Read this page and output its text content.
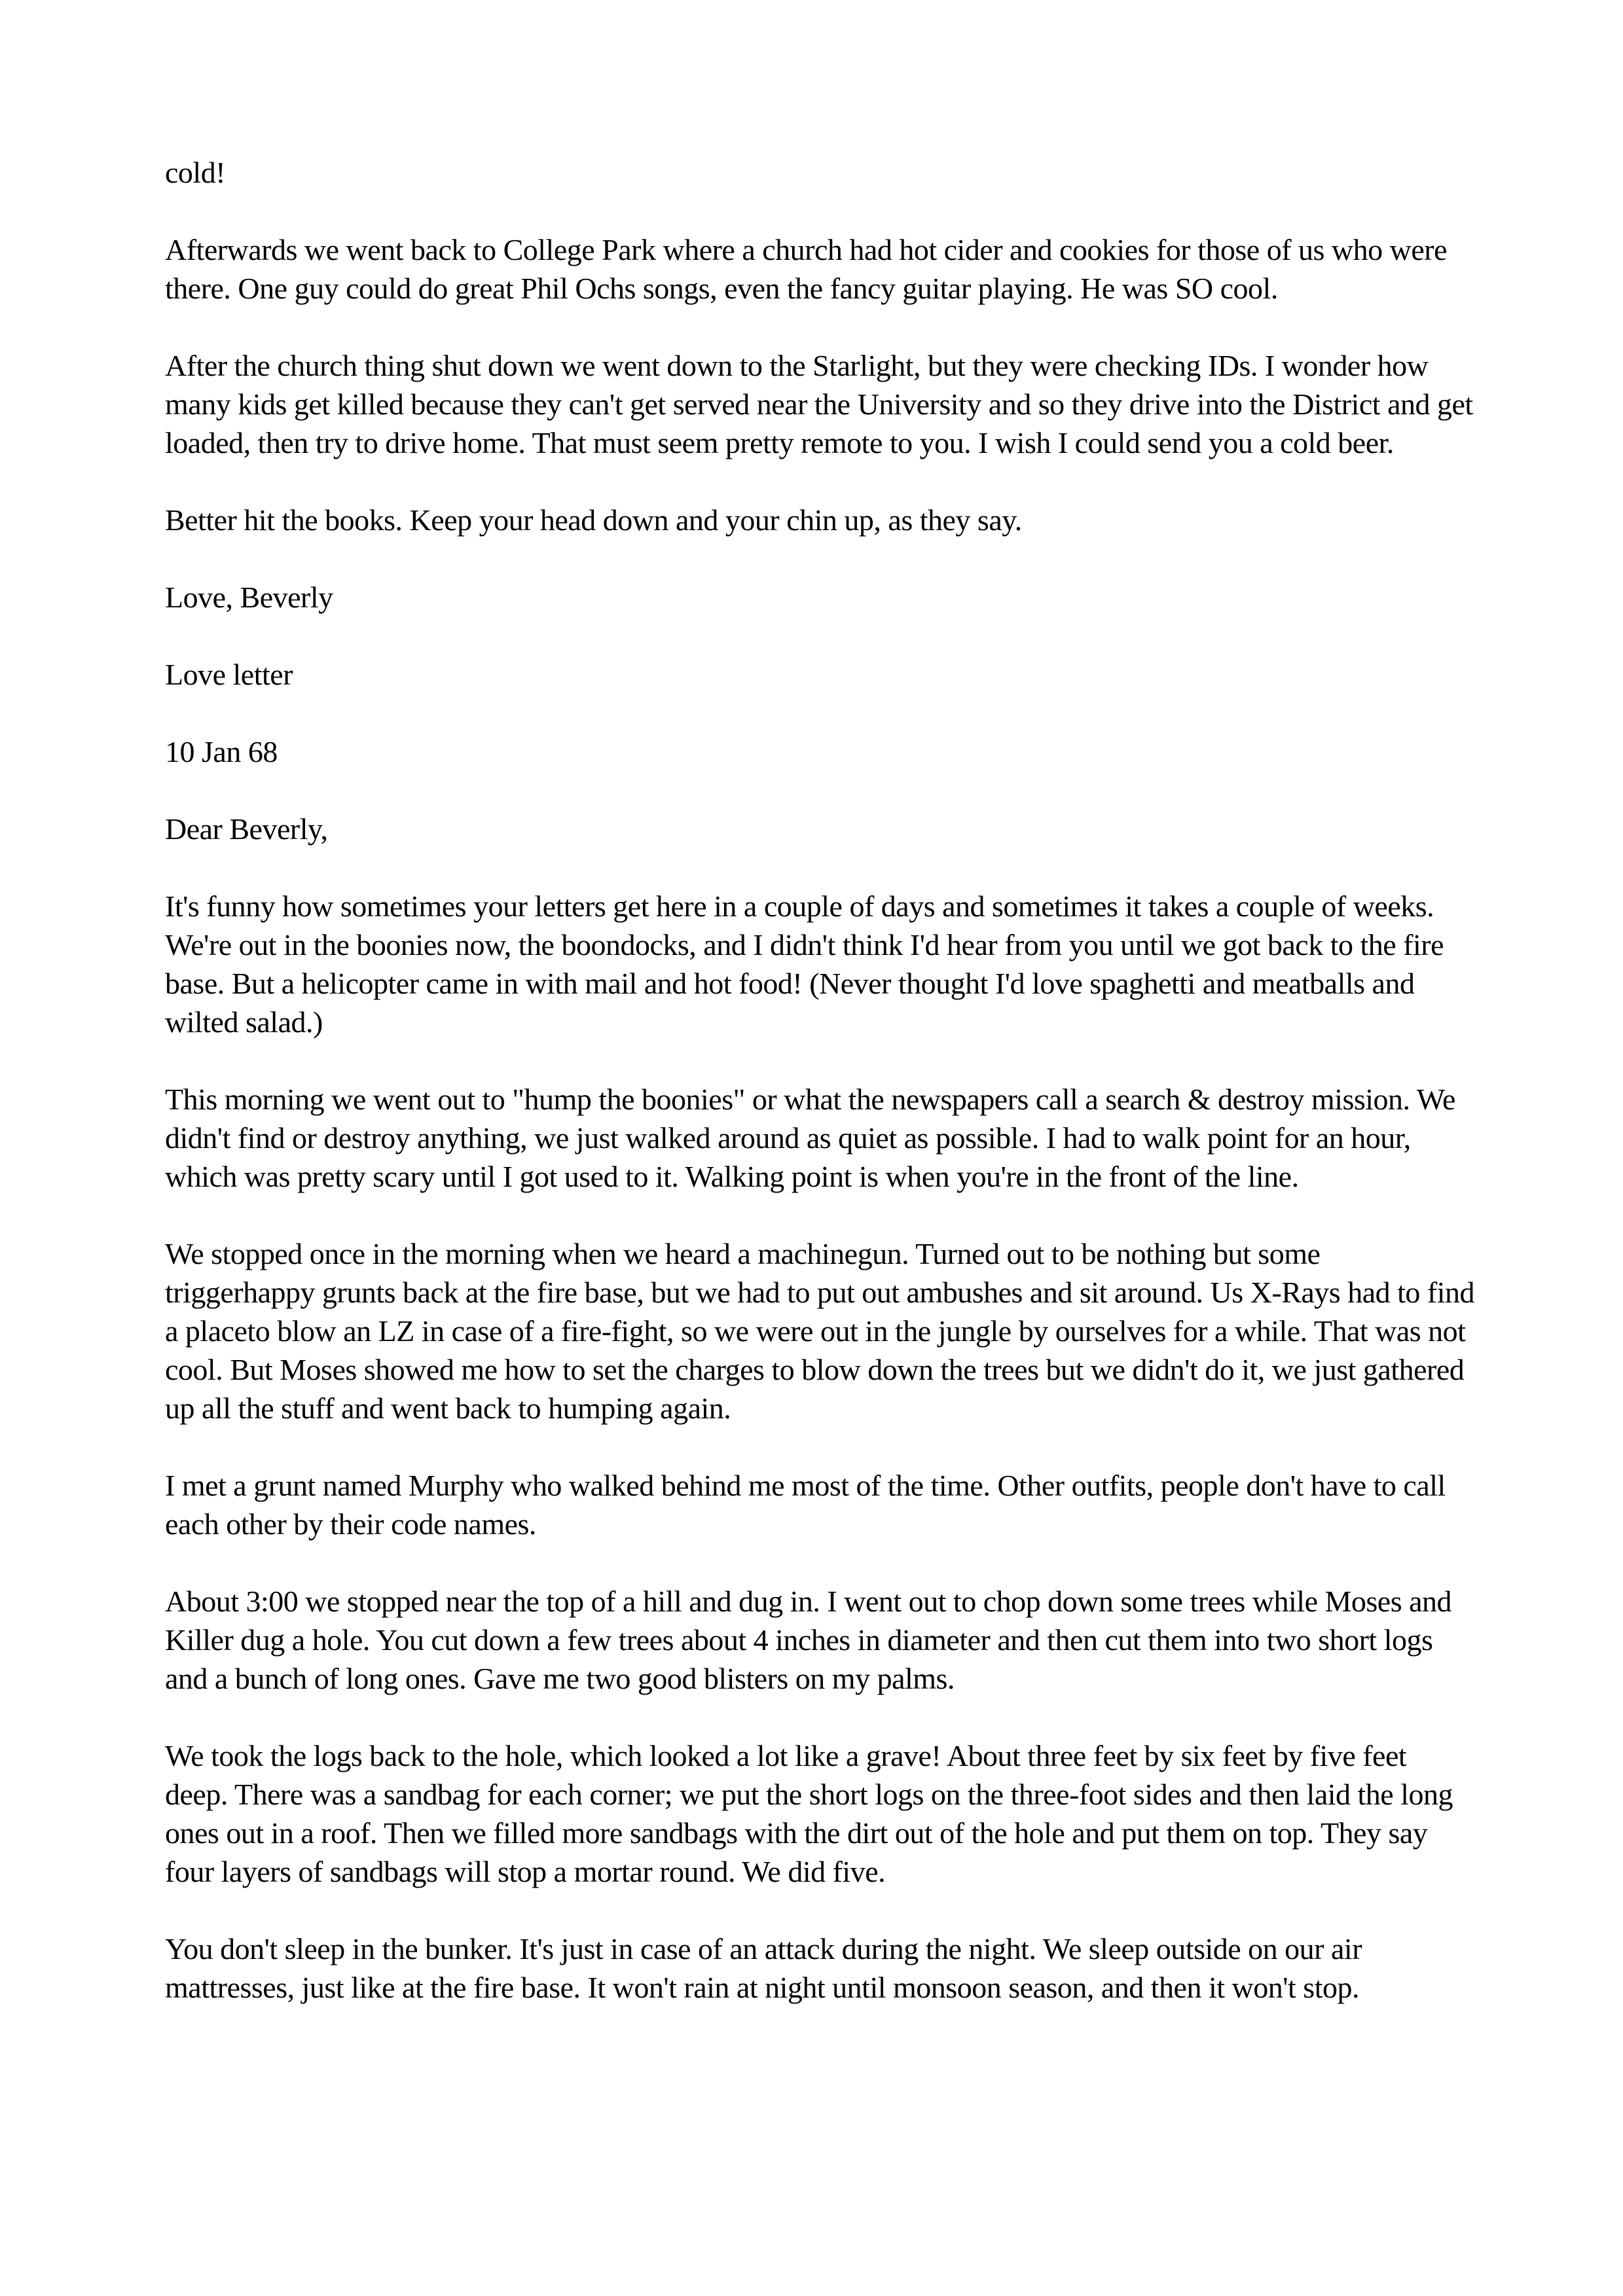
cold!

Afterwards we went back to College Park where a church had hot cider and cookies for those of us who were there. One guy could do great Phil Ochs songs, even the fancy guitar playing. He was SO cool.

After the church thing shut down we went down to the Starlight, but they were checking IDs. I wonder how many kids get killed because they can't get served near the University and so they drive into the District and get loaded, then try to drive home. That must seem pretty remote to you. I wish I could send you a cold beer.

Better hit the books. Keep your head down and your chin up, as they say.

Love, Beverly

Love letter

10 Jan 68

Dear Beverly,

It's funny how sometimes your letters get here in a couple of days and sometimes it takes a couple of weeks. We're out in the boonies now, the boondocks, and I didn't think I'd hear from you until we got back to the fire base. But a helicopter came in with mail and hot food! (Never thought I'd love spaghetti and meatballs and wilted salad.)

This morning we went out to "hump the boonies" or what the newspapers call a search & destroy mission. We didn't find or destroy anything, we just walked around as quiet as possible. I had to walk point for an hour, which was pretty scary until I got used to it. Walking point is when you're in the front of the line.

We stopped once in the morning when we heard a machinegun. Turned out to be nothing but some triggerhappy grunts back at the fire base, but we had to put out ambushes and sit around. Us X-Rays had to find a placeto blow an LZ in case of a fire-fight, so we were out in the jungle by ourselves for a while. That was not cool. But Moses showed me how to set the charges to blow down the trees but we didn't do it, we just gathered up all the stuff and went back to humping again.

I met a grunt named Murphy who walked behind me most of the time. Other outfits, people don't have to call each other by their code names.

About 3:00 we stopped near the top of a hill and dug in. I went out to chop down some trees while Moses and Killer dug a hole. You cut down a few trees about 4 inches in diameter and then cut them into two short logs and a bunch of long ones. Gave me two good blisters on my palms.

We took the logs back to the hole, which looked a lot like a grave! About three feet by six feet by five feet deep. There was a sandbag for each corner; we put the short logs on the three-foot sides and then laid the long ones out in a roof. Then we filled more sandbags with the dirt out of the hole and put them on top. They say four layers of sandbags will stop a mortar round. We did five.

You don't sleep in the bunker. It's just in case of an attack during the night. We sleep outside on our air mattresses, just like at the fire base. It won't rain at night until monsoon season, and then it won't stop.
